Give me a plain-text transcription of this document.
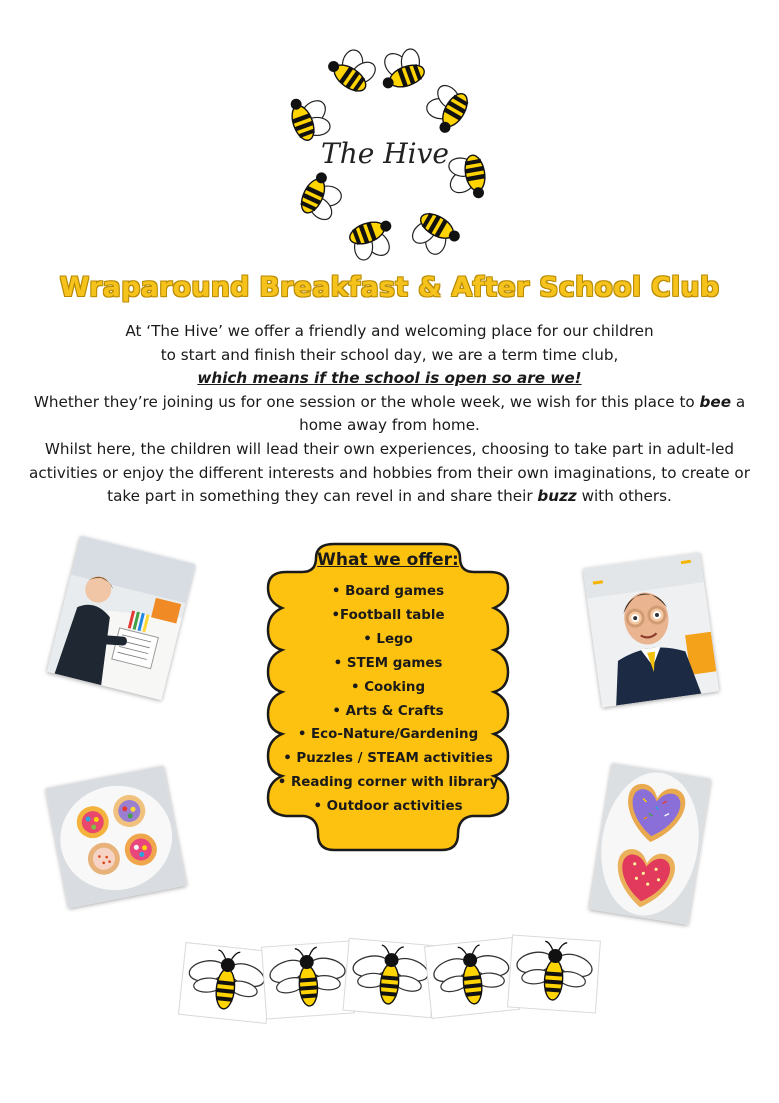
The Hive
Wraparound Breakfast & After School Club
At ‘The Hive’ we offer a friendly and welcoming place for our children
to start and finish their school day, we are a term time club,
which means if the school is open so are we!
Whether they’re joining us for one session or the whole week, we wish for this place to bee a
home away from home.
Whilst here, the children will lead their own experiences, choosing to take part in adult-led
activities or enjoy the different interests and hobbies from their own imaginations, to create or
take part in something they can revel in and share their buzz with others.
What we offer:
• Board games
•Football table
• Lego
• STEM games
• Cooking
• Arts & Crafts
• Eco-Nature/Gardening
• Puzzles / STEAM activities
• Reading corner with library
• Outdoor activities
